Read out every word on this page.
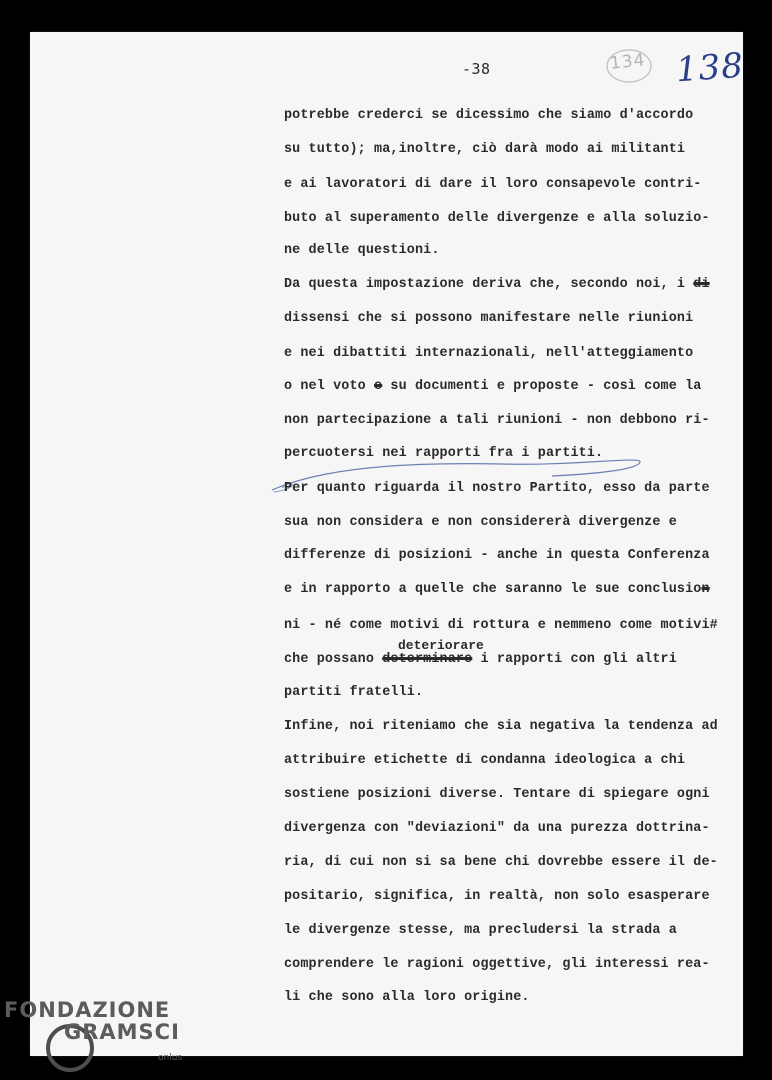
-38	134 138

potrebbe crederci se dicessimo che siamo d'accordo

su tutto); ma,inoltre, ciò darà modo ai militanti

e ai lavoratori di dare il loro consapevole contri-

buto al superamento delle divergenze e alla soluzio-

ne delle questioni.

Da questa impostazione deriva che, secondo noi, i di

dissensi che si possono manifestare nelle riunioni

e nei dibattiti internazionali, nell'atteggiamento

o nel voto e su documenti e proposte - così come la

non partecipazione a tali riunioni - non debbono ri-

percuotersi nei rapporti fra i partiti.

Per quanto riguarda il nostro Partito, esso da parte

sua non considera e non considererà divergenze e

differenze di posizioni - anche in questa Conferenza

e in rapporto a quelle che saranno le sue conclusion

ni - né come motivi di rottura e nemmeno come motivi#

deteriorare

che possano determinare i rapporti con gli altri

partiti fratelli.

Infine, noi riteniamo che sia negativa la tendenza ad

attribuire etichette di condanna ideologica a chi

sostiene posizioni diverse. Tentare di spiegare ogni

divergenza con "deviazioni" da una purezza dottrina-

ria, di cui non si sa bene chi dovrebbe essere il de-

positario, significa, in realtà, non solo esasperare

le divergenze stesse, ma precludersi la strada a

comprendere le ragioni oggettive, gli interessi rea-

li che sono alla loro origine.

FONDAZIONE
GRAMSCI
onlus
